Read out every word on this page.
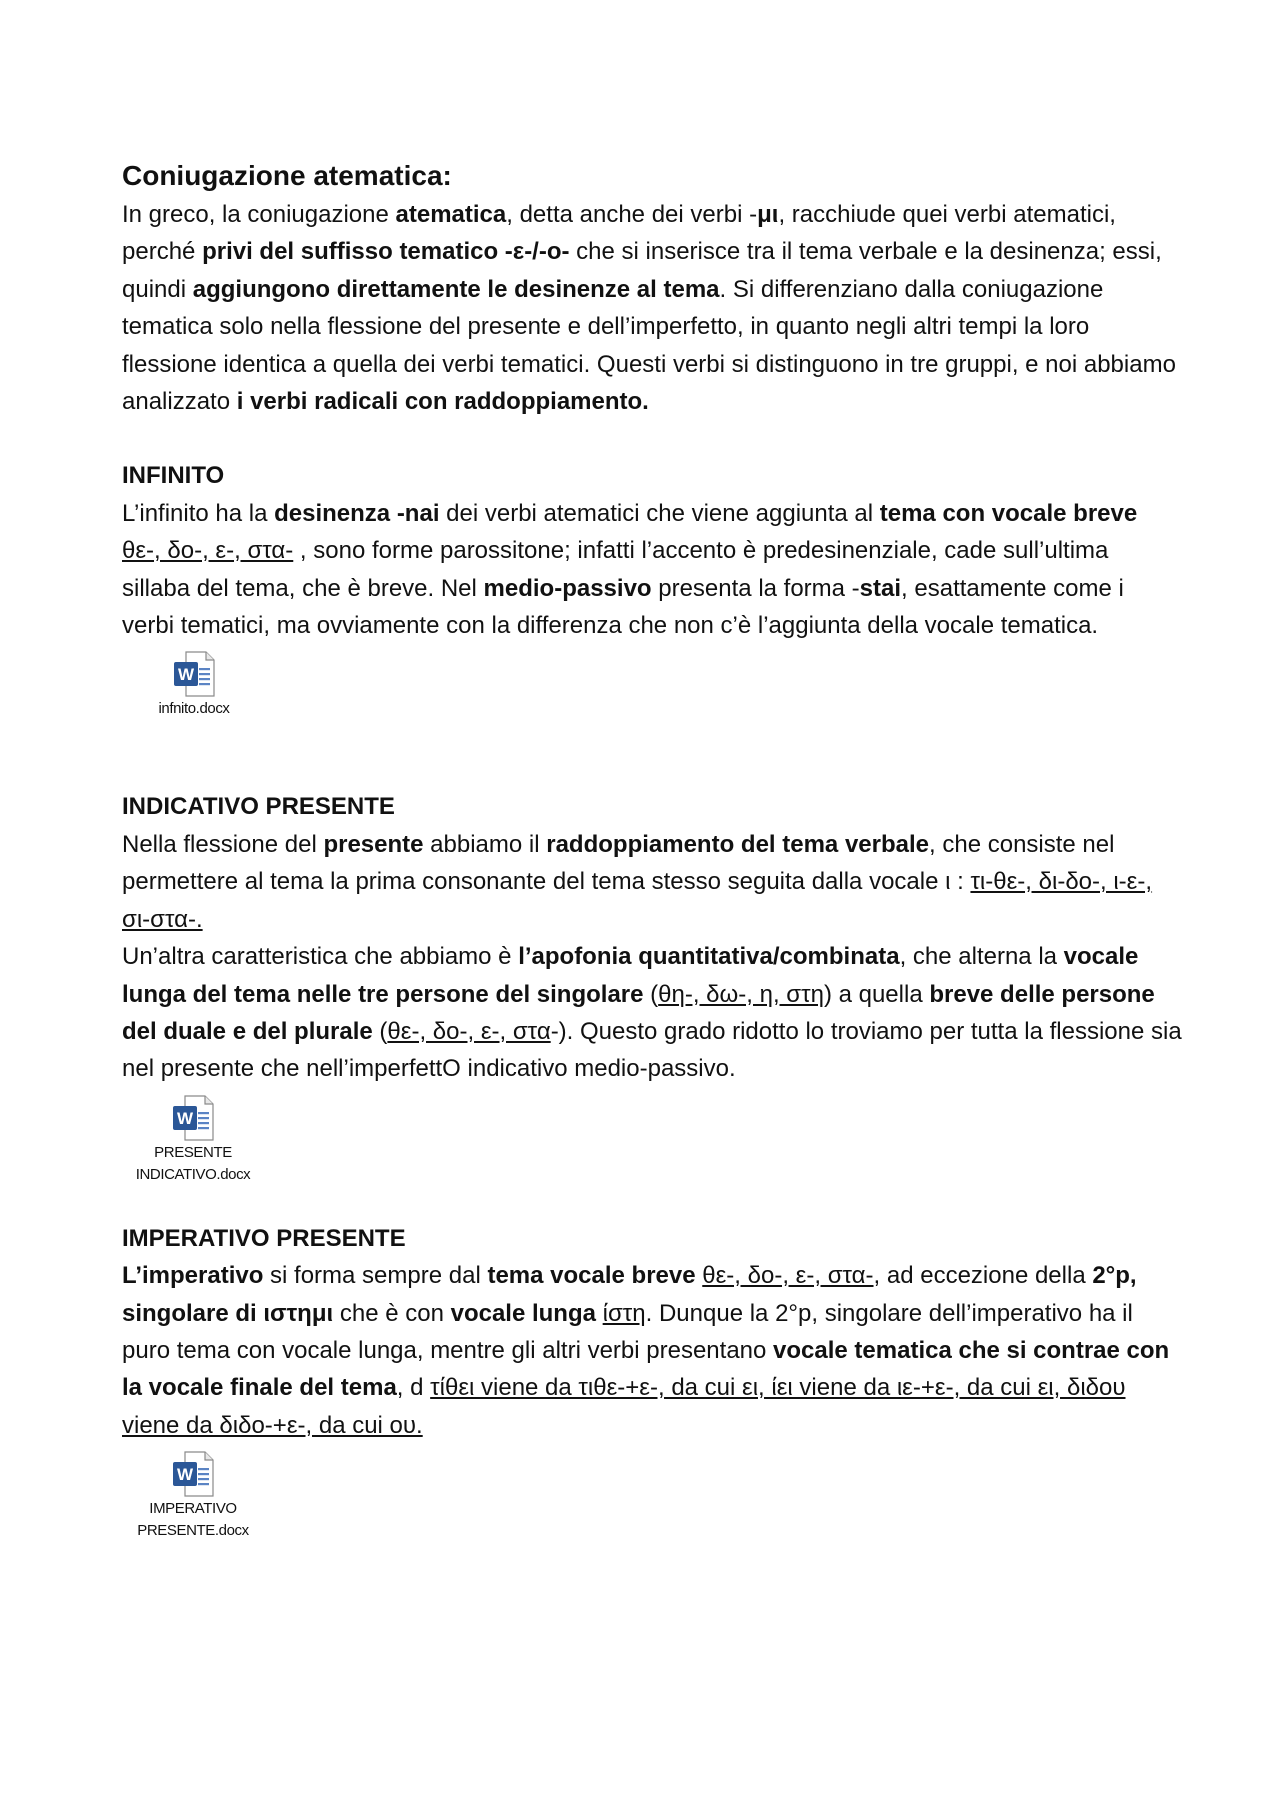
Coniugazione atematica:

In greco, la coniugazione atematica, detta anche dei verbi -μι, racchiude quei verbi atematici, perché privi del suffisso tematico -ε-/-ο- che si inserisce tra il tema verbale e la desinenza; essi, quindi aggiungono direttamente le desinenze al tema. Si differenziano dalla coniugazione tematica solo nella flessione del presente e dell’imperfetto, in quanto negli altri tempi la loro flessione identica a quella dei verbi tematici. Questi verbi si distinguono in tre gruppi, e noi abbiamo analizzato i verbi radicali con raddoppiamento.

INFINITO

L’infinito ha la desinenza -nai dei verbi atematici che viene aggiunta al tema con vocale breve θε-, δο-, ε-, στα- , sono forme parossitone; infatti l’accento è predesinenziale, cade sull’ultima sillaba del tema, che è breve. Nel medio-passivo presenta la forma -stai, esattamente come i verbi tematici, ma ovviamente con la differenza che non c’è l’aggiunta della vocale tematica.

W
infnito.docx

INDICATIVO PRESENTE

Nella flessione del presente abbiamo il raddoppiamento del tema verbale, che consiste nel permettere al tema la prima consonante del tema stesso seguita dalla vocale ι : τι-θε-, δι-δο-, ι-ε-, σι-στα-.

Un’altra caratteristica che abbiamo è l’apofonia quantitativa/combinata, che alterna la vocale lunga del tema nelle tre persone del singolare (θη-, δω-, η, στη) a quella breve delle persone del duale e del plurale (θε-, δο-, ε-, στα-). Questo grado ridotto lo troviamo per tutta la flessione sia nel presente che nell’imperfettO indicativo medio-passivo.

W
PRESENTE
INDICATIVO.docx

IMPERATIVO PRESENTE

L’imperativo si forma sempre dal tema vocale breve θε-, δο-, ε-, στα-, ad eccezione della 2°p, singolare di ιστημι che è con vocale lunga ίστη. Dunque la 2°p, singolare dell’imperativo ha il puro tema con vocale lunga, mentre gli altri verbi presentano vocale tematica che si contrae con la vocale finale del tema, d τίθει viene da τιθε-+ε-, da cui ει, ίει viene da ιε-+ε-, da cui ει, διδου viene da διδο-+ε-, da cui ου.

W
IMPERATIVO
PRESENTE.docx
